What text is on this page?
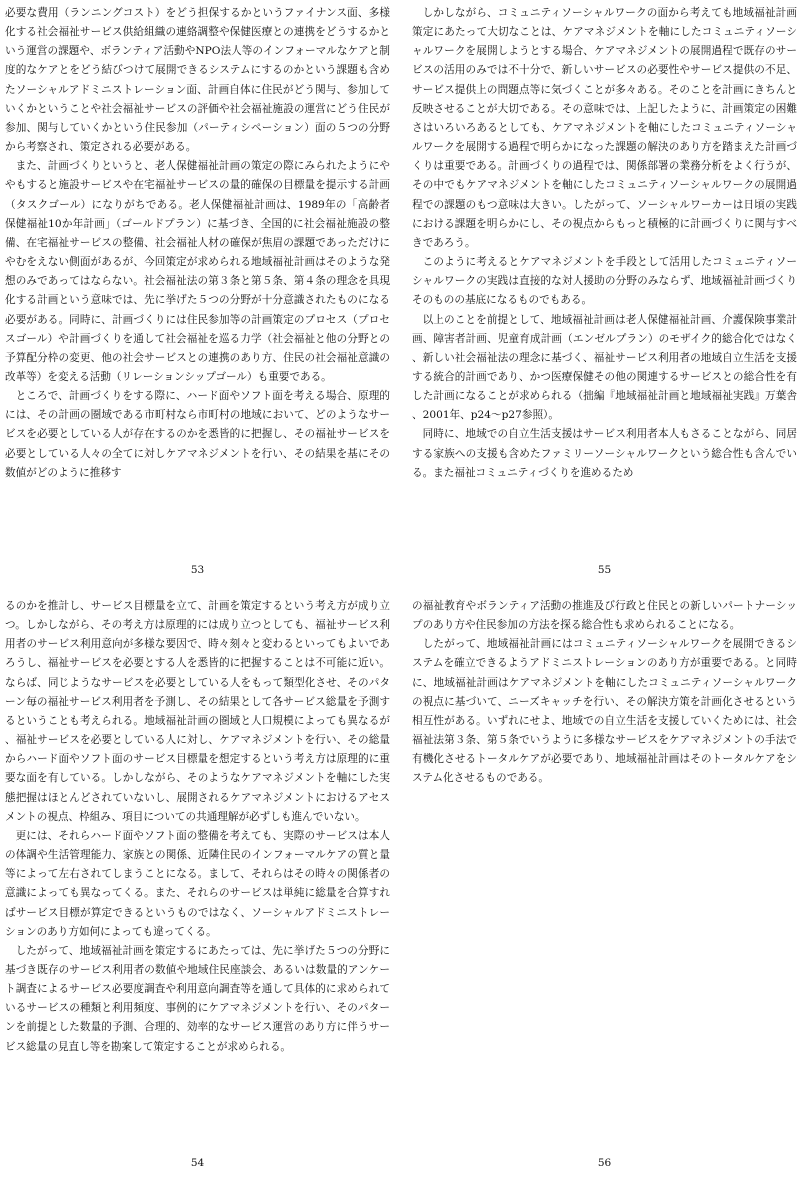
必要な費用（ランニングコスト）をどう担保するかというファイナンス面、多様化する社会福祉サービス供給組織の連絡調整や保健医療との連携をどうするかという運営の課題や、ボランティア活動やNPO法人等のインフォーマルなケアと制度的なケアとをどう結びつけて展開できるシステムにするのかという課題も含めたソーシャルアドミニストレーション面、計画自体に住民がどう関与、参加していくかということや社会福祉サービスの評価や社会福祉施設の運営にどう住民が参加、関与していくかという住民参加（パーティシペーション）面の５つの分野から考察され、策定される必要がある。

また、計画づくりというと、老人保健福祉計画の策定の際にみられたようにややもすると施設サービスや在宅福祉サービスの量的確保の目標量を提示する計画（タスクゴール）になりがちである。老人保健福祉計画は、1989年の「高齢者保健福祉10か年計画」（ゴールドプラン）に基づき、全国的に社会福祉施設の整備、在宅福祉サービスの整備、社会福祉人材の確保が焦眉の課題であっただけにやむをえない側面があるが、今回策定が求められる地域福祉計画はそのような発想のみであってはならない。社会福祉法の第３条と第５条、第４条の理念を具現化する計画という意味では、先に挙げた５つの分野が十分意識されたものになる必要がある。同時に、計画づくりには住民参加等の計画策定のプロセス（プロセスゴール）や計画づくりを通して社会福祉を巡る力学（社会福祉と他の分野との予算配分枠の変更、他の社会サービスとの連携のあり方、住民の社会福祉意識の改革等）を変える活動（リレーションシップゴール）も重要である。

ところで、計画づくりをする際に、ハード面やソフト面を考える場合、原理的には、その計画の圏域である市町村なら市町村の地域において、どのようなサービスを必要としている人が存在するのかを悉皆的に把握し、その福祉サービスを必要としている人々の全てに対しケアマネジメントを行い、その結果を基にその数値がどのように推移す

53

しかしながら、コミュニティソーシャルワークの面から考えても地域福祉計画策定にあたって大切なことは、ケアマネジメントを軸にしたコミュニティソーシャルワークを展開しようとする場合、ケアマネジメントの展開過程で既存のサービスの活用のみでは不十分で、新しいサービスの必要性やサービス提供の不足、サービス提供上の問題点等に気づくことが多々ある。そのことを計画にきちんと反映させることが大切である。その意味では、上記したように、計画策定の困難さはいろいろあるとしても、ケアマネジメントを軸にしたコミュニティソーシャルワークを展開する過程で明らかになった課題の解決のあり方を踏まえた計画づくりは重要である。計画づくりの過程では、関係部署の業務分析をよく行うが、その中でもケアマネジメントを軸にしたコミュニティソーシャルワークの展開過程での課題のもつ意味は大きい。したがって、ソーシャルワーカーは日頃の実践における課題を明らかにし、その視点からもっと積極的に計画づくりに関与すべきであろう。

このように考えるとケアマネジメントを手段として活用したコミュニティソーシャルワークの実践は直接的な対人援助の分野のみならず、地域福祉計画づくりそのものの基底になるものでもある。

以上のことを前提として、地域福祉計画は老人保健福祉計画、介護保険事業計画、障害者計画、児童育成計画（エンゼルプラン）のモザイク的総合化ではなく、新しい社会福祉法の理念に基づく、福祉サービス利用者の地域自立生活を支援する統合的計画であり、かつ医療保健その他の関連するサービスとの総合性を有した計画になることが求められる（拙編『地域福祉計画と地域福祉実践』万葉舎、2001年、p24～p27参照）。

同時に、地域での自立生活支援はサービス利用者本人もさることながら、同居する家族への支援も含めたファミリーソーシャルワークという総合性も含んでいる。また福祉コミュニティづくりを進めるため

55

るのかを推計し、サービス目標量を立て、計画を策定するという考え方が成り立つ。しかしながら、その考え方は原理的には成り立つとしても、福祉サービス利用者のサービス利用意向が多様な要因で、時々刻々と変わるといってもよいであろうし、福祉サービスを必要とする人を悉皆的に把握することは不可能に近い。ならば、同じようなサービスを必要としている人をもって類型化させ、そのパターン毎の福祉サービス利用者を予測し、その結果として各サービス総量を予測するということも考えられる。地域福祉計画の圏域と人口規模によっても異なるが、福祉サービスを必要としている人に対し、ケアマネジメントを行い、その総量からハード面やソフト面のサービス目標量を想定するという考え方は原理的に重要な面を有している。しかしながら、そのようなケアマネジメントを軸にした実態把握はほとんどされていないし、展開されるケアマネジメントにおけるアセスメントの視点、枠組み、項目についての共通理解が必ずしも進んでいない。

更には、それらハード面やソフト面の整備を考えても、実際のサービスは本人の体調や生活管理能力、家族との関係、近隣住民のインフォーマルケアの質と量等によって左右されてしまうことになる。まして、それらはその時々の関係者の意識によっても異なってくる。また、それらのサービスは単純に総量を合算すればサービス目標が算定できるというものではなく、ソーシャルアドミニストレーションのあり方如何によっても違ってくる。

したがって、地域福祉計画を策定するにあたっては、先に挙げた５つの分野に基づき既存のサービス利用者の数値や地域住民座談会、あるいは数量的アンケート調査によるサービス必要度調査や利用意向調査等を通して具体的に求められているサービスの種類と利用頻度、事例的にケアマネジメントを行い、そのパターンを前提とした数量的予測、合理的、効率的なサービス運営のあり方に伴うサービス総量の見直し等を勘案して策定することが求められる。

54

の福祉教育やボランティア活動の推進及び行政と住民との新しいパートナーシップのあり方や住民参加の方法を探る総合性も求められることになる。

したがって、地域福祉計画にはコミュニティソーシャルワークを展開できるシステムを確立できるようアドミニストレーションのあり方が重要である。と同時に、地域福祉計画はケアマネジメントを軸にしたコミュニティソーシャルワークの視点に基づいて、ニーズキャッチを行い、その解決方策を計画化させるという相互性がある。いずれにせよ、地域での自立生活を支援していくためには、社会福祉法第３条、第５条でいうように多様なサービスをケアマネジメントの手法で有機化させるトータルケアが必要であり、地域福祉計画はそのトータルケアをシステム化させるものである。

56
